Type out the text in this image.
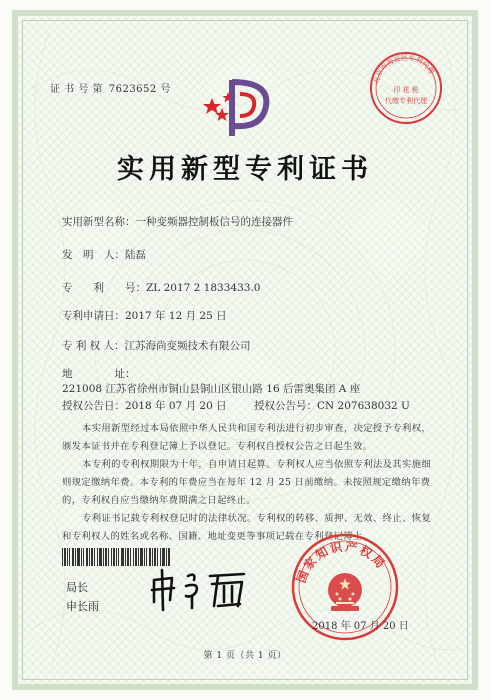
证 书 号 第 7623652 号
北京市海淀区专利代理
印 花 税
代缴专利代理
实用新型专利证书
实用新型名称：一种变频器控制板信号的连接器件
发　明　人：陆磊
专　　利　　号：ZL 2017 2 1833433.0
专利申请日：2017 年 12 月 25 日
专 利 权 人：江苏海尚变频技术有限公司
地　　　　址：221008 江苏省徐州市铜山县铜山区银山路 16 后雷奥集团 A 座
授权公告日：2018 年 07 月 20 日	授权公告号：CN 207638032 U
本实用新型经过本局依照中华人民共和国专利法进行初步审查，决定授予专利权，颁发本证书并在专利登记簿上予以登记。专利权自授权公告之日起生效。
本专利的专利权期限为十年，自申请日起算。专利权人应当依照专利法及其实施细则规定缴纳年费。本专利的年费应当在每年 12 月 25 日前缴纳。未按照规定缴纳年费的，专利权自应当缴纳年费期满之日起终止。
专利证书记载专利权登记时的法律状况。专利权的转移、质押、无效、终止、恢复和专利权人的姓名或名称、国籍、地址变更等事项记载在专利登记簿上。
局长
申长雨
国家知识产权局
2018 年 07 月 20 日
第 1 页（共 1 页）
